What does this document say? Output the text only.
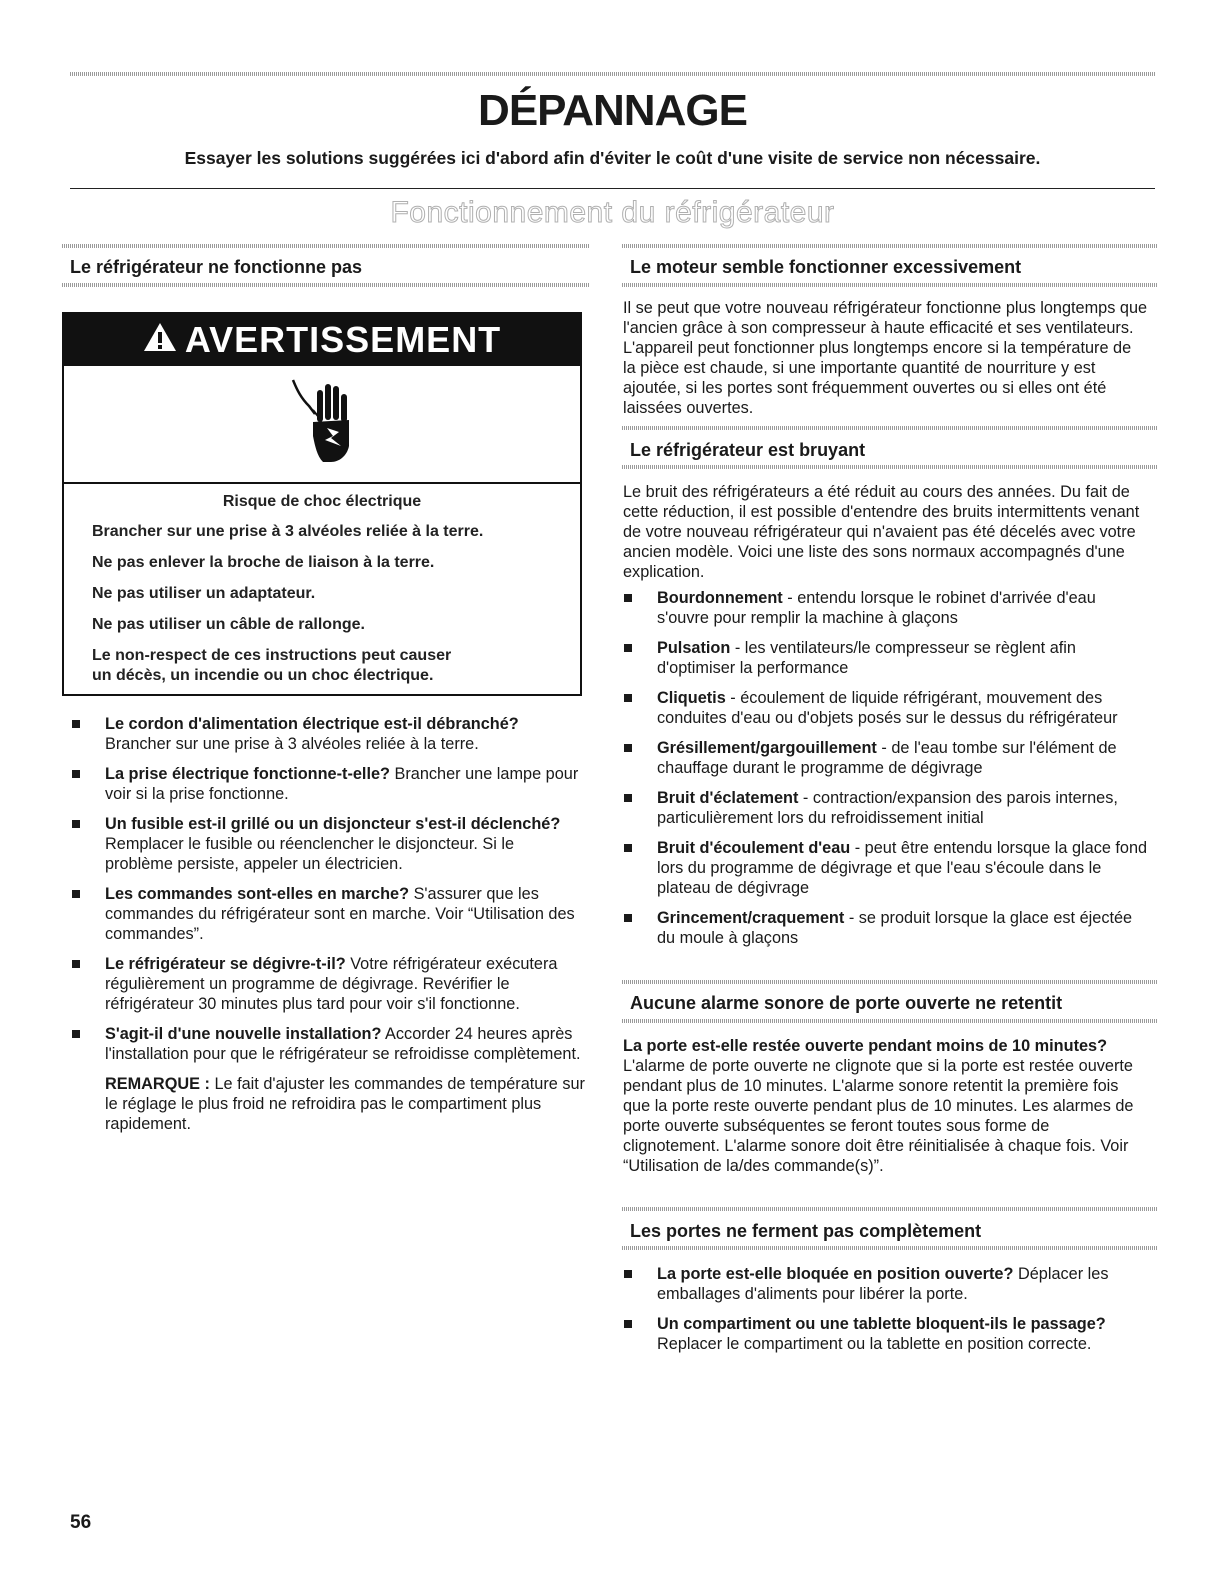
DÉPANNAGE
Essayer les solutions suggérées ici d'abord afin d'éviter le coût d'une visite de service non nécessaire.
Fonctionnement du réfrigérateur
Le réfrigérateur ne fonctionne pas
AVERTISSEMENT

Risque de choc électrique

Brancher sur une prise à 3 alvéoles reliée à la terre.

Ne pas enlever la broche de liaison à la terre.

Ne pas utiliser un adaptateur.

Ne pas utiliser un câble de rallonge.

Le non-respect de ces instructions peut causer

un décès, un incendie ou un choc électrique.

Le cordon d'alimentation électrique est-il débranché? Brancher sur une prise à 3 alvéoles reliée à la terre.
La prise électrique fonctionne-t-elle? Brancher une lampe pour voir si la prise fonctionne.
Un fusible est-il grillé ou un disjoncteur s'est-il déclenché? Remplacer le fusible ou réenclencher le disjoncteur. Si le problème persiste, appeler un électricien.
Les commandes sont-elles en marche? S'assurer que les commandes du réfrigérateur sont en marche. Voir “Utilisation des commandes”.
Le réfrigérateur se dégivre-t-il? Votre réfrigérateur exécutera régulièrement un programme de dégivrage. Revérifier le réfrigérateur 30 minutes plus tard pour voir s'il fonctionne.
S'agit-il d'une nouvelle installation? Accorder 24 heures après l'installation pour que le réfrigérateur se refroidisse complètement.

REMARQUE : Le fait d'ajuster les commandes de température sur le réglage le plus froid ne refroidira pas le compartiment plus rapidement.

Le moteur semble fonctionner excessivement

Il se peut que votre nouveau réfrigérateur fonctionne plus longtemps que l'ancien grâce à son compresseur à haute efficacité et ses ventilateurs. L'appareil peut fonctionner plus longtemps encore si la température de la pièce est chaude, si une importante quantité de nourriture y est ajoutée, si les portes sont fréquemment ouvertes ou si elles ont été laissées ouvertes.

Le réfrigérateur est bruyant

Le bruit des réfrigérateurs a été réduit au cours des années. Du fait de cette réduction, il est possible d'entendre des bruits intermittents venant de votre nouveau réfrigérateur qui n'avaient pas été décelés avec votre ancien modèle. Voici une liste des sons normaux accompagnés d'une explication.

Bourdonnement - entendu lorsque le robinet d'arrivée d'eau s'ouvre pour remplir la machine à glaçons
Pulsation - les ventilateurs/le compresseur se règlent afin d'optimiser la performance
Cliquetis - écoulement de liquide réfrigérant, mouvement des conduites d'eau ou d'objets posés sur le dessus du réfrigérateur
Grésillement/gargouillement - de l'eau tombe sur l'élément de chauffage durant le programme de dégivrage
Bruit d'éclatement - contraction/expansion des parois internes, particulièrement lors du refroidissement initial
Bruit d'écoulement d'eau - peut être entendu lorsque la glace fond lors du programme de dégivrage et que l'eau s'écoule dans le plateau de dégivrage
Grincement/craquement - se produit lorsque la glace est éjectée du moule à glaçons
Aucune alarme sonore de porte ouverte ne retentit

La porte est-elle restée ouverte pendant moins de 10 minutes? L'alarme de porte ouverte ne clignote que si la porte est restée ouverte pendant plus de 10 minutes. L'alarme sonore retentit la première fois que la porte reste ouverte pendant plus de 10 minutes. Les alarmes de porte ouverte subséquentes se feront toutes sous forme de clignotement. L'alarme sonore doit être réinitialisée à chaque fois. Voir “Utilisation de la/des commande(s)”.

Les portes ne ferment pas complètement
La porte est-elle bloquée en position ouverte? Déplacer les emballages d'aliments pour libérer la porte.
Un compartiment ou une tablette bloquent-ils le passage? Replacer le compartiment ou la tablette en position correcte.
56
